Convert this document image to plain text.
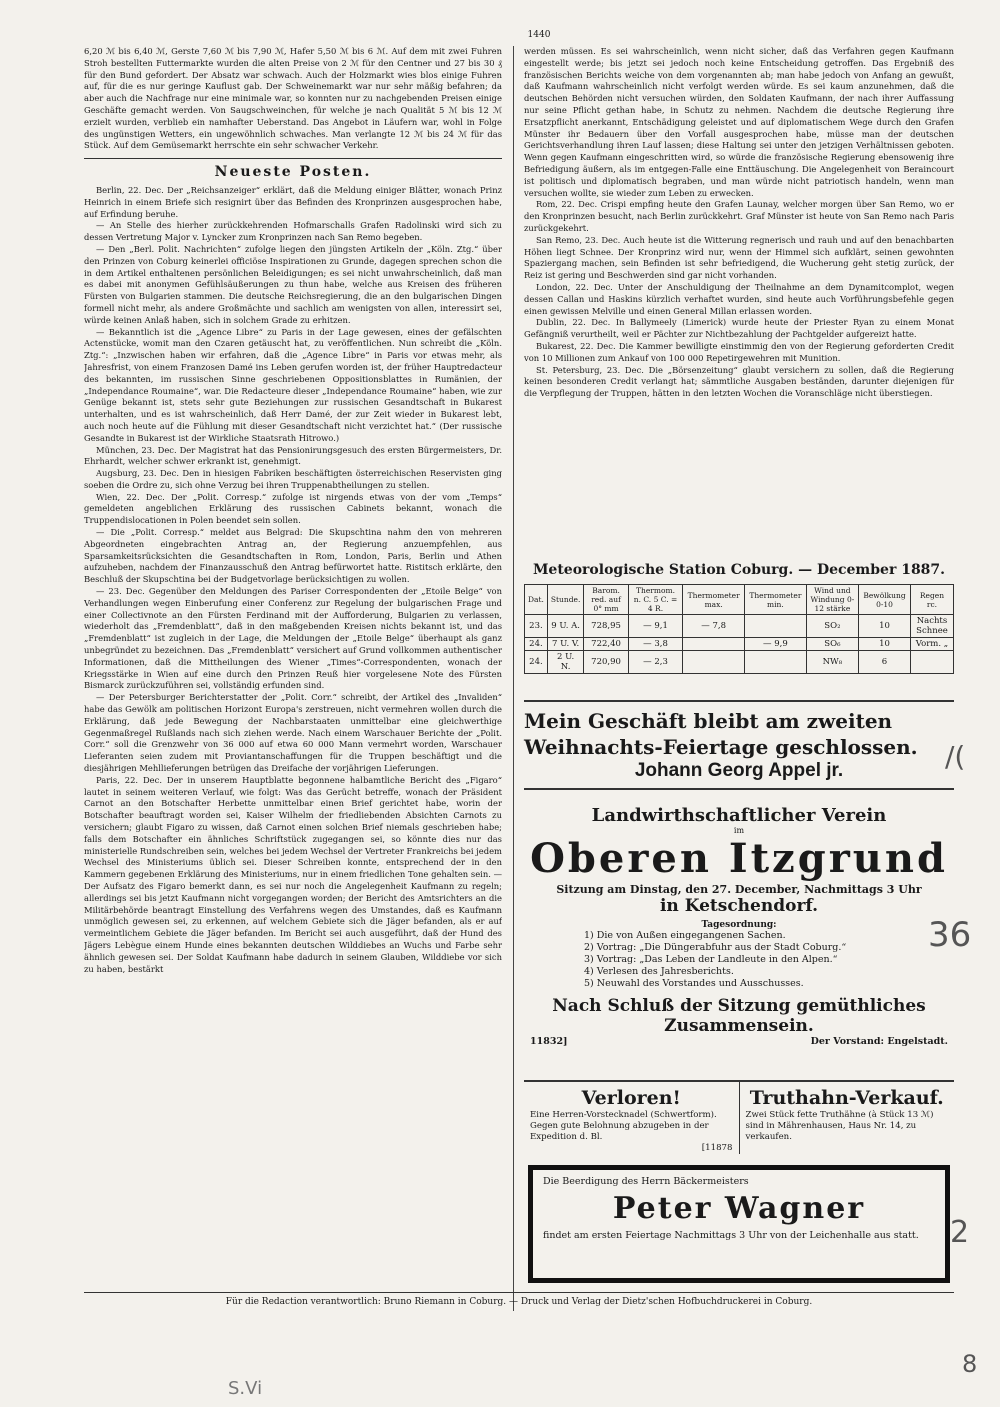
1440

6,20 ℳ bis 6,40 ℳ, Gerste 7,60 ℳ bis 7,90 ℳ, Hafer 5,50 ℳ bis 6 ℳ. Auf dem mit zwei Fuhren Stroh bestellten Futtermarkte wurden die alten Preise von 2 ℳ für den Centner und 27 bis 30 ₰ für den Bund gefordert. Der Absatz war schwach. Auch der Holzmarkt wies blos einige Fuhren auf, für die es nur geringe Kauflust gab. Der Schweinemarkt war nur sehr mäßig befahren; da aber auch die Nachfrage nur eine minimale war, so konnten nur zu nachgebenden Preisen einige Geschäfte gemacht werden. Von Saugschweinchen, für welche je nach Qualität 5 ℳ bis 12 ℳ erzielt wurden, verblieb ein namhafter Ueberstand. Das Angebot in Läufern war, wohl in Folge des ungünstigen Wetters, ein ungewöhnlich schwaches. Man verlangte 12 ℳ bis 24 ℳ für das Stück. Auf dem Gemüsemarkt herrschte ein sehr schwacher Verkehr.

Neueste Posten.

Berlin, 22. Dec. Der „Reichsanzeiger“ erklärt, daß die Meldung einiger Blätter, wonach Prinz Heinrich in einem Briefe sich resignirt über das Befinden des Kronprinzen ausgesprochen habe, auf Erfindung beruhe.

— An Stelle des hierher zurückkehrenden Hofmarschalls Grafen Radolinski wird sich zu dessen Vertretung Major v. Lyncker zum Kronprinzen nach San Remo begeben.

— Den „Berl. Polit. Nachrichten“ zufolge liegen den jüngsten Artikeln der „Köln. Ztg.“ über den Prinzen von Coburg keinerlei officiöse Inspirationen zu Grunde, dagegen sprechen schon die in dem Artikel enthaltenen persönlichen Beleidigungen; es sei nicht unwahrscheinlich, daß man es dabei mit anonymen Gefühlsäußerungen zu thun habe, welche aus Kreisen des früheren Fürsten von Bulgarien stammen. Die deutsche Reichsregierung, die an den bulgarischen Dingen formell nicht mehr, als andere Großmächte und sachlich am wenigsten von allen, interessirt sei, würde keinen Anlaß haben, sich in solchem Grade zu erhitzen.

— Bekanntlich ist die „Agence Libre“ zu Paris in der Lage gewesen, eines der gefälschten Actenstücke, womit man den Czaren getäuscht hat, zu veröffentlichen. Nun schreibt die „Köln. Ztg.“: „Inzwischen haben wir erfahren, daß die „Agence Libre“ in Paris vor etwas mehr, als Jahresfrist, von einem Franzosen Damé ins Leben gerufen worden ist, der früher Hauptredacteur des bekannten, im russischen Sinne geschriebenen Oppositionsblattes in Rumänien, der „Independance Roumaine“, war. Die Redacteure dieser „Independance Roumaine“ haben, wie zur Genüge bekannt ist, stets sehr gute Beziehungen zur russischen Gesandtschaft in Bukarest unterhalten, und es ist wahrscheinlich, daß Herr Damé, der zur Zeit wieder in Bukarest lebt, auch noch heute auf die Fühlung mit dieser Gesandtschaft nicht verzichtet hat.“ (Der russische Gesandte in Bukarest ist der Wirkliche Staatsrath Hitrowo.)

München, 23. Dec. Der Magistrat hat das Pensionirungsgesuch des ersten Bürgermeisters, Dr. Ehrhardt, welcher schwer erkrankt ist, genehmigt.

Augsburg, 23. Dec. Den in hiesigen Fabriken beschäftigten österreichischen Reservisten ging soeben die Ordre zu, sich ohne Verzug bei ihren Truppenabtheilungen zu stellen.

Wien, 22. Dec. Der „Polit. Corresp.“ zufolge ist nirgends etwas von der vom „Temps“ gemeldeten angeblichen Erklärung des russischen Cabinets bekannt, wonach die Truppendislocationen in Polen beendet sein sollen.

— Die „Polit. Corresp.“ meldet aus Belgrad: Die Skupschtina nahm den von mehreren Abgeordneten eingebrachten Antrag an, der Regierung anzuempfehlen, aus Sparsamkeitsrücksichten die Gesandtschaften in Rom, London, Paris, Berlin und Athen aufzuheben, nachdem der Finanzausschuß den Antrag befürwortet hatte. Ristitsch erklärte, den Beschluß der Skupschtina bei der Budgetvorlage berücksichtigen zu wollen.

— 23. Dec. Gegenüber den Meldungen des Pariser Correspondenten der „Etoile Belge“ von Verhandlungen wegen Einberufung einer Conferenz zur Regelung der bulgarischen Frage und einer Collectivnote an den Fürsten Ferdinand mit der Aufforderung, Bulgarien zu verlassen, wiederholt das „Fremdenblatt“, daß in den maßgebenden Kreisen nichts bekannt ist, und das „Fremdenblatt“ ist zugleich in der Lage, die Meldungen der „Etoile Belge“ überhaupt als ganz unbegründet zu bezeichnen. Das „Fremdenblatt“ versichert auf Grund vollkommen authentischer Informationen, daß die Mittheilungen des Wiener „Times“-Correspondenten, wonach der Kriegsstärke in Wien auf eine durch den Prinzen Reuß hier vorgelesene Note des Fürsten Bismarck zurückzuführen sei, vollständig erfunden sind.

— Der Petersburger Berichterstatter der „Polit. Corr.“ schreibt, der Artikel des „Invaliden“ habe das Gewölk am politischen Horizont Europa's zerstreuen, nicht vermehren wollen durch die Erklärung, daß jede Bewegung der Nachbarstaaten unmittelbar eine gleichwerthige Gegenmaßregel Rußlands nach sich ziehen werde. Nach einem Warschauer Berichte der „Polit. Corr.“ soll die Grenzwehr von 36 000 auf etwa 60 000 Mann vermehrt worden, Warschauer Lieferanten seien zudem mit Proviantanschaffungen für die Truppen beschäftigt und die diesjährigen Mehllieferungen betrügen das Dreifache der vorjährigen Lieferungen.

Paris, 22. Dec. Der in unserem Hauptblatte begonnene halbamtliche Bericht des „Figaro“ lautet in seinem weiteren Verlauf, wie folgt: Was das Gerücht betreffe, wonach der Präsident Carnot an den Botschafter Herbette unmittelbar einen Brief gerichtet habe, worin der Botschafter beauftragt worden sei, Kaiser Wilhelm der friedliebenden Absichten Carnots zu versichern; glaubt Figaro zu wissen, daß Carnot einen solchen Brief niemals geschrieben habe; falls dem Botschafter ein ähnliches Schriftstück zugegangen sei, so könnte dies nur das ministerielle Rundschreiben sein, welches bei jedem Wechsel der Vertreter Frankreichs bei jedem Wechsel des Ministeriums üblich sei. Dieser Schreiben konnte, entsprechend der in den Kammern gegebenen Erklärung des Ministeriums, nur in einem friedlichen Tone gehalten sein. — Der Aufsatz des Figaro bemerkt dann, es sei nur noch die Angelegenheit Kaufmann zu regeln; allerdings sei bis jetzt Kaufmann nicht vorgegangen worden; der Bericht des Amtsrichters an die Militärbehörde beantragt Einstellung des Verfahrens wegen des Umstandes, daß es Kaufmann unmöglich gewesen sei, zu erkennen, auf welchem Gebiete sich die Jäger befanden, als er auf vermeintlichem Gebiete die Jäger befanden. Im Bericht sei auch ausgeführt, daß der Hund des Jägers Lebègue einem Hunde eines bekannten deutschen Wilddiebes an Wuchs und Farbe sehr ähnlich gewesen sei. Der Soldat Kaufmann habe dadurch in seinem Glauben, Wilddiebe vor sich zu haben, bestärkt

werden müssen. Es sei wahrscheinlich, wenn nicht sicher, daß das Verfahren gegen Kaufmann eingestellt werde; bis jetzt sei jedoch noch keine Entscheidung getroffen. Das Ergebniß des französischen Berichts weiche von dem vorgenannten ab; man habe jedoch von Anfang an gewußt, daß Kaufmann wahrscheinlich nicht verfolgt werden würde. Es sei kaum anzunehmen, daß die deutschen Behörden nicht versuchen würden, den Soldaten Kaufmann, der nach ihrer Auffassung nur seine Pflicht gethan habe, in Schutz zu nehmen. Nachdem die deutsche Regierung ihre Ersatzpflicht anerkannt, Entschädigung geleistet und auf diplomatischem Wege durch den Grafen Münster ihr Bedauern über den Vorfall ausgesprochen habe, müsse man der deutschen Gerichtsverhandlung ihren Lauf lassen; diese Haltung sei unter den jetzigen Verhältnissen geboten. Wenn gegen Kaufmann eingeschritten wird, so würde die französische Regierung ebensowenig ihre Befriedigung äußern, als im entgegen-Falle eine Enttäuschung. Die Angelegenheit von Beraincourt ist politisch und diplomatisch begraben, und man würde nicht patriotisch handeln, wenn man versuchen wollte, sie wieder zum Leben zu erwecken.

Rom, 22. Dec. Crispi empfing heute den Grafen Launay, welcher morgen über San Remo, wo er den Kronprinzen besucht, nach Berlin zurückkehrt. Graf Münster ist heute von San Remo nach Paris zurückgekehrt.

San Remo, 23. Dec. Auch heute ist die Witterung regnerisch und rauh und auf den benachbarten Höhen liegt Schnee. Der Kronprinz wird nur, wenn der Himmel sich aufklärt, seinen gewohnten Spaziergang machen, sein Befinden ist sehr befriedigend, die Wucherung geht stetig zurück, der Reiz ist gering und Beschwerden sind gar nicht vorhanden.

London, 22. Dec. Unter der Anschuldigung der Theilnahme an dem Dynamitcomplot, wegen dessen Callan und Haskins kürzlich verhaftet wurden, sind heute auch Vorführungsbefehle gegen einen gewissen Melville und einen General Millan erlassen worden.

Dublin, 22. Dec. In Ballymeely (Limerick) wurde heute der Priester Ryan zu einem Monat Gefängniß verurtheilt, weil er Pächter zur Nichtbezahlung der Pachtgelder aufgereizt hatte.

Bukarest, 22. Dec. Die Kammer bewilligte einstimmig den von der Regierung geforderten Credit von 10 Millionen zum Ankauf von 100 000 Repetirgewehren mit Munition.

St. Petersburg, 23. Dec. Die „Börsenzeitung“ glaubt versichern zu sollen, daß die Regierung keinen besonderen Credit verlangt hat; sämmtliche Ausgaben beständen, darunter diejenigen für die Verpflegung der Truppen, hätten in den letzten Wochen die Voranschläge nicht überstiegen.

Meteorologische Station Coburg. — December 1887.
Dat.	Stunde.	Barom. red. auf 0° mm	Thermom. n. C. 5 C. = 4 R.	Thermometer max.	Thermometer min.	Wind und Windung 0-12 stärke	Bewölkung 0-10	Regen rc.
23.	9 U. A.	728,95	— 9,1	— 7,8		SO₂	10	Nachts Schnee
24.	7 U. V.	722,40	— 3,8		— 9,9	SO₆	10	Vorm. „
24.	2 U. N.	720,90	— 2,3			NW₈	6	
Mein Geschäft bleibt am zweiten Weihnachts-Feiertage geschlossen.
Johann Georg Appel jr.
Landwirthschaftlicher Verein
im
Oberen Itzgrund
Sitzung am Dinstag, den 27. December, Nachmittags 3 Uhr
in Ketschendorf.
Tagesordnung:
1) Die von Außen eingegangenen Sachen.
2) Vortrag: „Die Düngerabfuhr aus der Stadt Coburg.“
3) Vortrag: „Das Leben der Landleute in den Alpen.“
4) Verlesen des Jahresberichts.
5) Neuwahl des Vorstandes und Ausschusses.
Nach Schluß der Sitzung gemüthliches Zusammensein.
11832]	Der Vorstand: Engelstadt.
Verloren!
Eine Herren-Vorstecknadel (Schwertform). Gegen gute Belohnung abzugeben in der Expedition d. Bl.
[11878
Truthahn-Verkauf.
Zwei Stück fette Truthähne (à Stück 13 ℳ) sind in Mährenhausen, Haus Nr. 14, zu verkaufen.
Die Beerdigung des Herrn Bäckermeisters
Peter Wagner
findet am ersten Feiertage Nachmittags 3 Uhr von der Leichenhalle aus statt.
Für die Redaction verantwortlich: Bruno Riemann in Coburg. — Druck und Verlag der Dietz'schen Hofbuchdruckerei in Coburg.
/(
36
2
8
S.Vi
